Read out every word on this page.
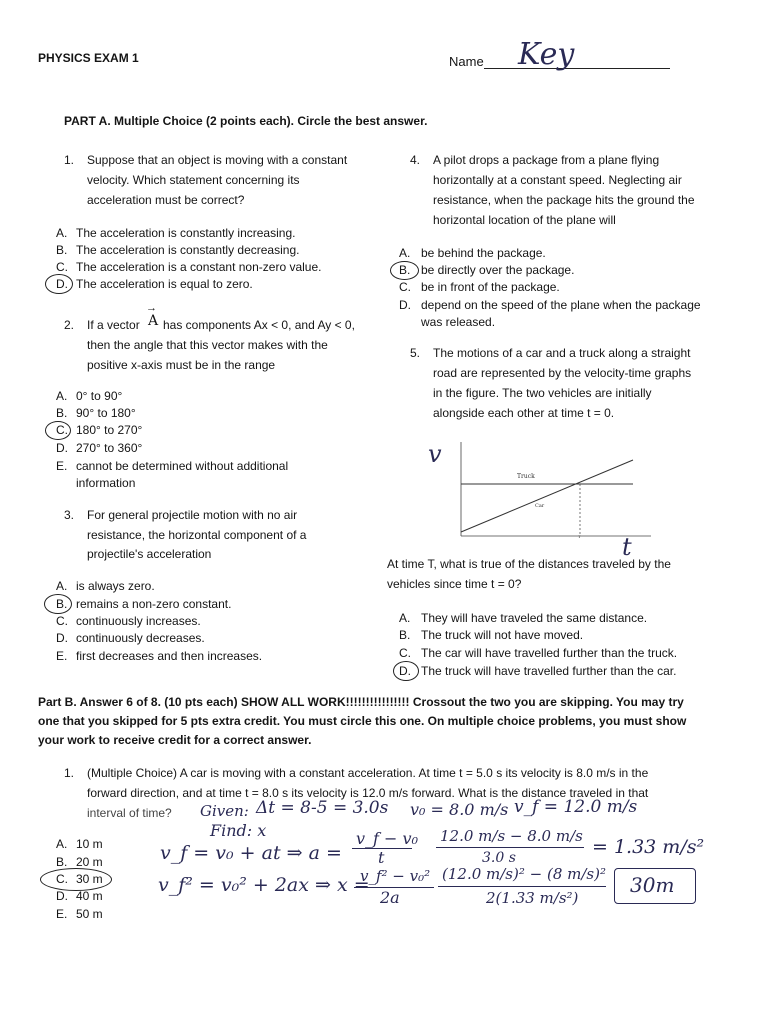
PHYSICS EXAM 1	Name Key
PART A. Multiple Choice (2 points each). Circle the best answer.
1. Suppose that an object is moving with a constant
velocity. Which statement concerning its
acceleration must be correct?
A. The acceleration is constantly increasing.
B. The acceleration is constantly decreasing.
C. The acceleration is a constant non-zero value.
D. The acceleration is equal to zero.
2. If a vector A
→
has components Ax < 0, and Ay < 0,
then the angle that this vector makes with the
positive x-axis must be in the range
A. 0° to 90°
B. 90° to 180°
C. 180° to 270°
D. 270° to 360°
E. cannot be determined without additional
information
3. For general projectile motion with no air
resistance, the horizontal component of a
projectile's acceleration
A. is always zero.
B. remains a non-zero constant.
C. continuously increases.
D. continuously decreases.
E. first decreases and then increases.
4. A pilot drops a package from a plane flying
horizontally at a constant speed. Neglecting air
resistance, when the package hits the ground the
horizontal location of the plane will
A. be behind the package.
B. be directly over the package.
C. be in front of the package.
D. depend on the speed of the plane when the package
was released.
5. The motions of a car and a truck along a straight
road are represented by the velocity-time graphs
in the figure. The two vehicles are initially
alongside each other at time t = 0.
Truck
Car
T
v
t
At time T, what is true of the distances traveled by the
vehicles since time t = 0?
A. They will have traveled the same distance.
B. The truck will not have moved.
C. The car will have travelled further than the truck.
D. The truck will have travelled further than the car.
Part B. Answer 6 of 8. (10 pts each) SHOW ALL WORK!!!!!!!!!!!!!!!! Crossout the two you are skipping. You may try
one that you skipped for 5 pts extra credit. You must circle this one. On multiple choice problems, you must show
your work to receive credit for a correct answer.
1. (Multiple Choice) A car is moving with a constant acceleration. At time t = 5.0 s its velocity is 8.0 m/s in the
forward direction, and at time t = 8.0 s its velocity is 12.0 m/s forward. What is the distance traveled in that
interval of time?
A. 10 m
B. 20 m
C. 30 m
D. 40 m
E. 50 m
Given: Δt = 8-5 = 3.0s v₀ = 8.0 m/s v_f = 12.0 m/s
Find: x
v_f = v₀ + at ⇒ a =
v_f − v₀
t
12.0 m/s − 8.0 m/s
3.0 s	= 1.33 m/s²
v_f² = v₀² + 2ax ⇒ x =
v_f² − v₀²
2a
(12.0 m/s)² − (8 m/s)²
2(1.33 m/s²)
30m
